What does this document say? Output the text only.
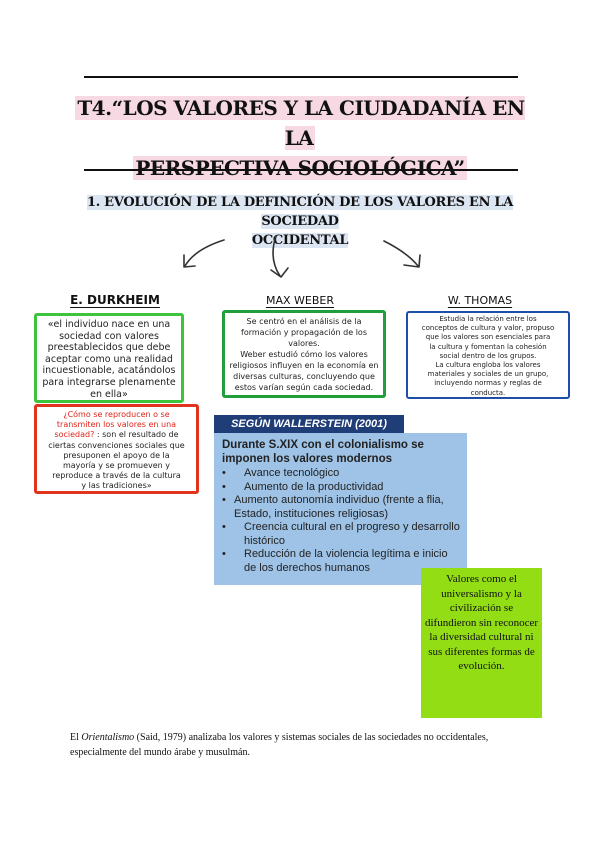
T4.“LOS VALORES Y LA CIUDADANÍA EN LA
PERSPECTIVA SOCIOLÓGICA”
1. EVOLUCIÓN DE LA DEFINICIÓN DE LOS VALORES EN LA SOCIEDAD
OCCIDENTAL
E. DURKHEIM	MAX WEBER	W. THOMAS
«el individuo nace en una
sociedad con valores
preestablecidos que debe
aceptar como una realidad
incuestionable, acatándolos
para integrarse plenamente
en ella»
¿Cómo se reproducen o se
transmiten los valores en una
sociedad? : son el resultado de
ciertas convenciones sociales que
presuponen el apoyo de la
mayoría y se promueven y
reproduce a través de la cultura
y las tradiciones»
Se centró en el análisis de la
formación y propagación de los
valores.
Weber estudió cómo los valores
religiosos influyen en la economía en
diversas culturas, concluyendo que
estos varían según cada sociedad.
Estudia la relación entre los
conceptos de cultura y valor, propuso
que los valores son esenciales para
la cultura y fomentan la cohesión
social dentro de los grupos.
La cultura engloba los valores
materiales y sociales de un grupo,
incluyendo normas y reglas de
conducta.
SEGÚN WALLERSTEIN (2001)
Durante S.XIX con el colonialismo se imponen los valores modernos
• Avance tecnológico
• Aumento de la productividad
• Aumento autonomía individuo (frente a flia, Estado, instituciones religiosas)
• Creencia cultural en el progreso y desarrollo histórico
• Reducción de la violencia legítima e inicio de los derechos humanos
Valores como el universalismo y la civilización se difundieron sin reconocer la diversidad cultural ni sus diferentes formas de evolución.
El Orientalismo (Said, 1979) analizaba los valores y sistemas sociales de las sociedades no occidentales, especialmente del mundo árabe y musulmán.
